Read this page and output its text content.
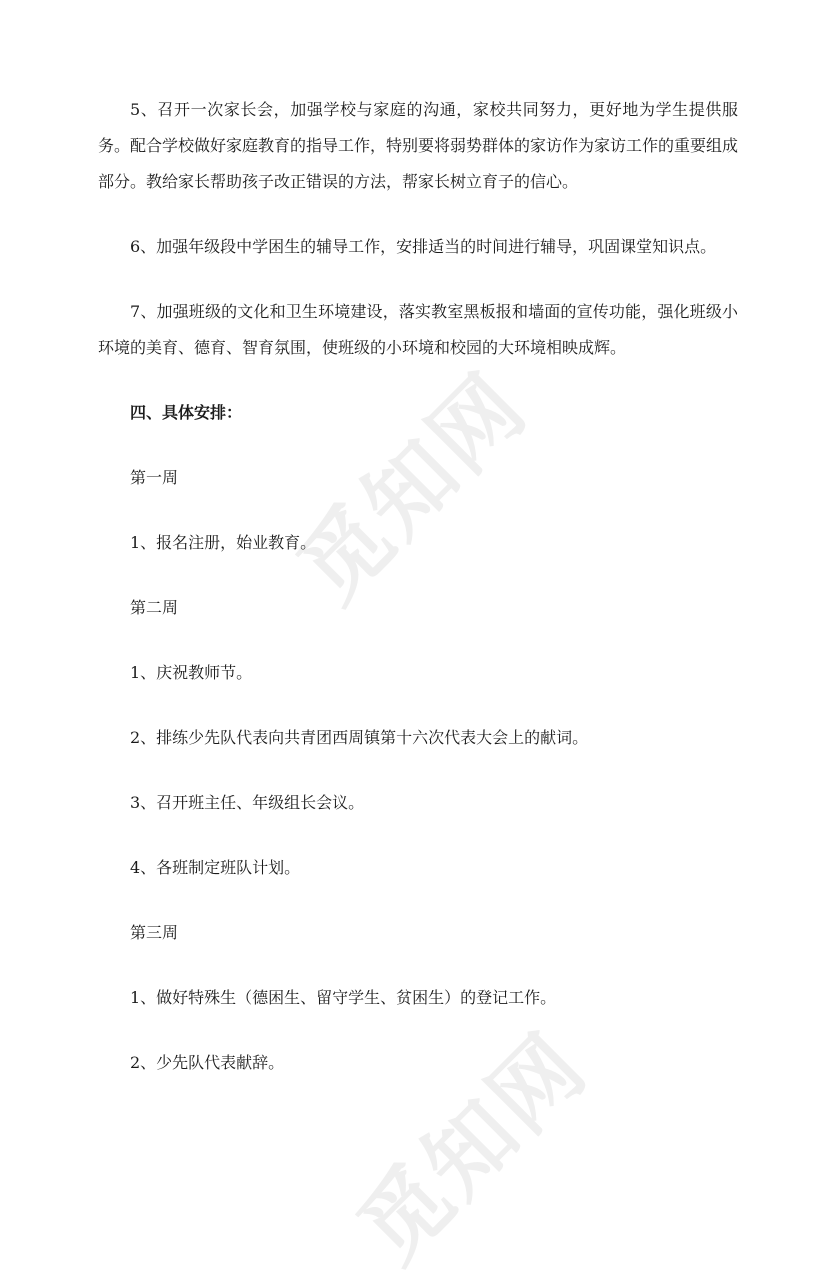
觅知网
觅知网

5、召开一次家长会，加强学校与家庭的沟通，家校共同努力，更好地为学生提供服务。配合学校做好家庭教育的指导工作，特别要将弱势群体的家访作为家访工作的重要组成部分。教给家长帮助孩子改正错误的方法，帮家长树立育子的信心。

6、加强年级段中学困生的辅导工作，安排适当的时间进行辅导，巩固课堂知识点。

7、加强班级的文化和卫生环境建设，落实教室黑板报和墙面的宣传功能，强化班级小环境的美育、德育、智育氛围，使班级的小环境和校园的大环境相映成辉。

四、具体安排：

第一周

1、报名注册，始业教育。

第二周

1、庆祝教师节。

2、排练少先队代表向共青团西周镇第十六次代表大会上的献词。

3、召开班主任、年级组长会议。

4、各班制定班队计划。

第三周

1、做好特殊生（德困生、留守学生、贫困生）的登记工作。

2、少先队代表献辞。
